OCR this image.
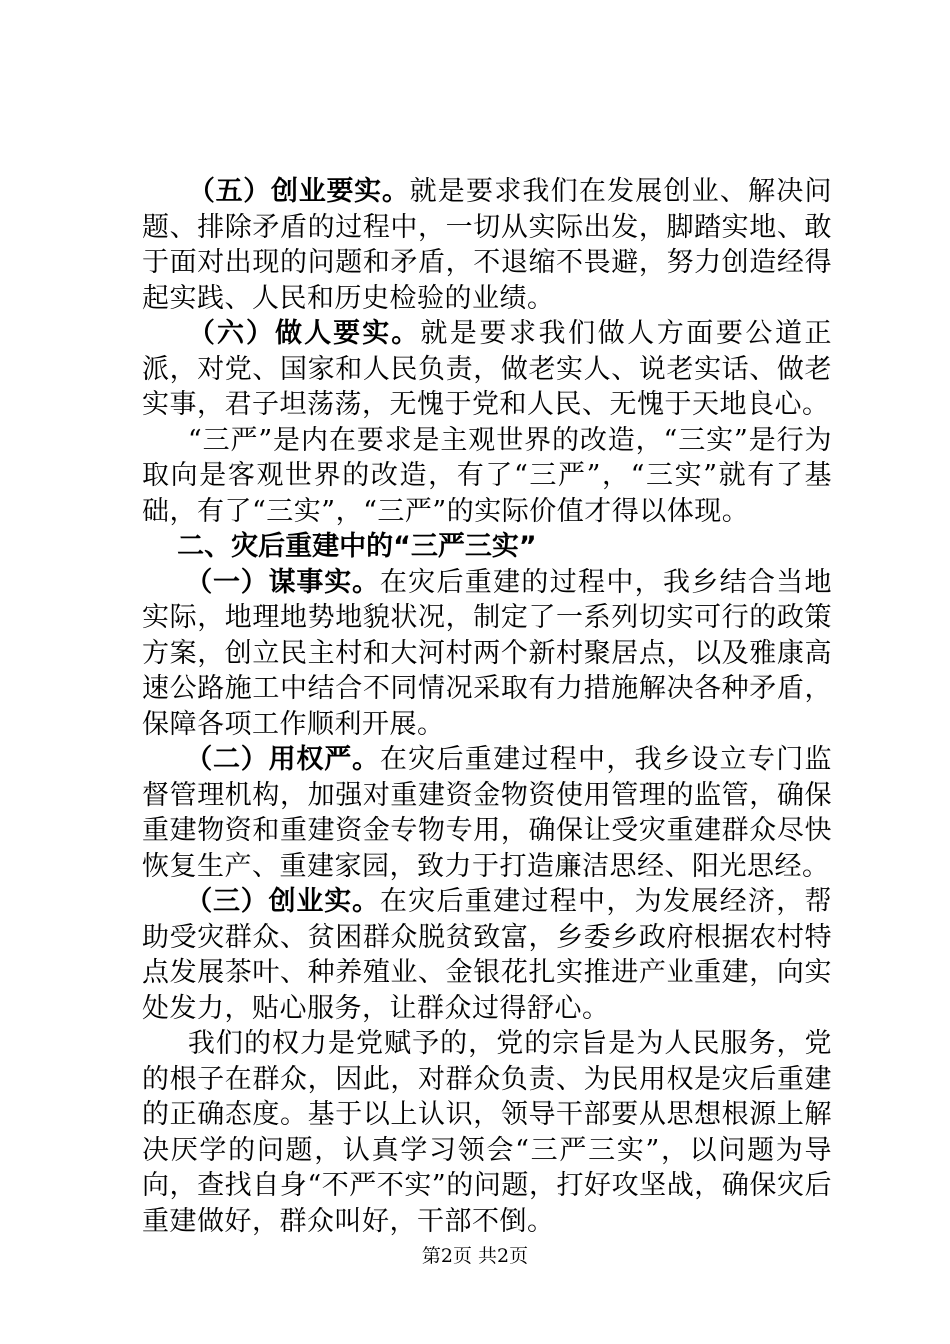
（五）创业要实。就是要求我们在发展创业、解决问题、排除矛盾的过程中，一切从实际出发，脚踏实地、敢于面对出现的问题和矛盾，不退缩不畏避，努力创造经得起实践、人民和历史检验的业绩。

（六）做人要实。就是要求我们做人方面要公道正派，对党、国家和人民负责，做老实人、说老实话、做老实事，君子坦荡荡，无愧于党和人民、无愧于天地良心。

“三严”是内在要求是主观世界的改造，“三实”是行为取向是客观世界的改造，有了“三严”，“三实”就有了基础，有了“三实”，“三严”的实际价值才得以体现。

二、灾后重建中的“三严三实”

（一）谋事实。在灾后重建的过程中，我乡结合当地实际，地理地势地貌状况，制定了一系列切实可行的政策方案，创立民主村和大河村两个新村聚居点，以及雅康高速公路施工中结合不同情况采取有力措施解决各种矛盾，保障各项工作顺利开展。

（二）用权严。在灾后重建过程中，我乡设立专门监督管理机构，加强对重建资金物资使用管理的监管，确保重建物资和重建资金专物专用，确保让受灾重建群众尽快恢复生产、重建家园，致力于打造廉洁思经、阳光思经。

（三）创业实。在灾后重建过程中，为发展经济，帮助受灾群众、贫困群众脱贫致富，乡委乡政府根据农村特点发展茶叶、种养殖业、金银花扎实推进产业重建，向实处发力，贴心服务，让群众过得舒心。

我们的权力是党赋予的，党的宗旨是为人民服务，党的根子在群众，因此，对群众负责、为民用权是灾后重建的正确态度。基于以上认识，领导干部要从思想根源上解决厌学的问题，认真学习领会“三严三实”，以问题为导向，查找自身“不严不实”的问题，打好攻坚战，确保灾后重建做好，群众叫好，干部不倒。

第2页 共2页
